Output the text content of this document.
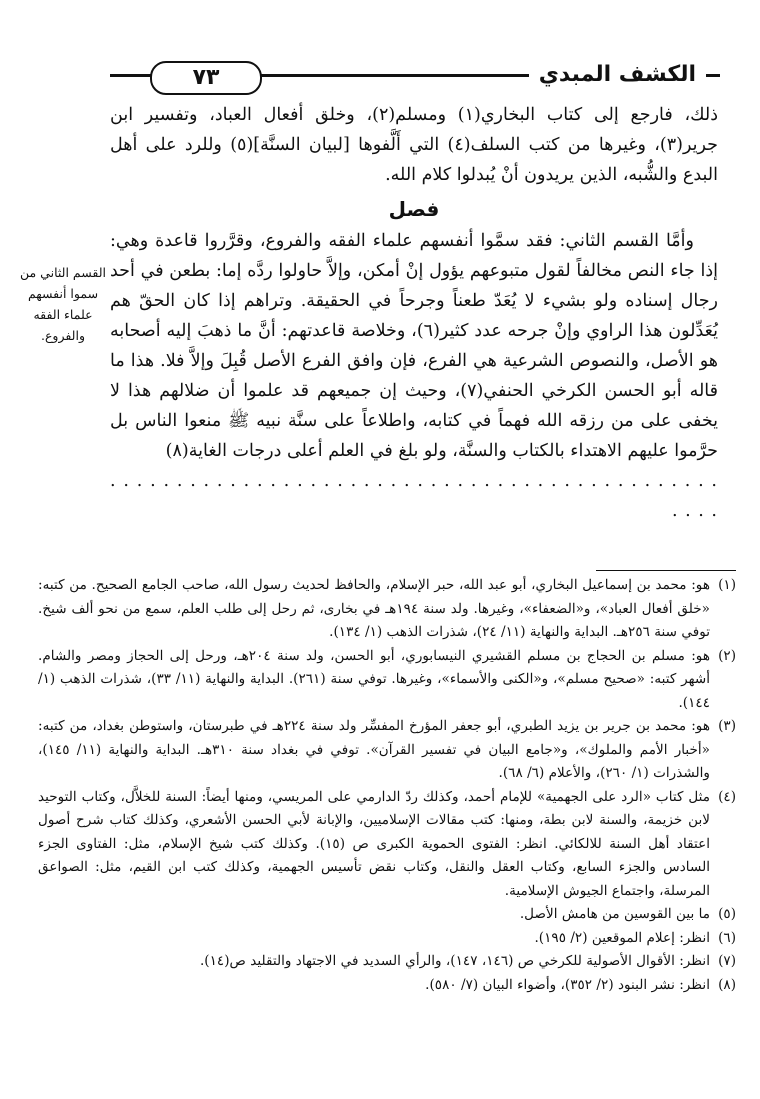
٧٣	الكشف المبدي

ذلك، فارجع إلى كتاب البخاري(١) ومسلم(٢)، وخلق أفعال العباد، وتفسير ابن جرير(٣)، وغيرها من كتب السلف(٤) التي أَلَّفوها [لبيان السنَّة](٥) وللرد على أهل البدع والشُّبه، الذين يريدون أنْ يُبدلوا كلام الله.

فصل

وأمَّا القسم الثاني: فقد سمَّوا أنفسهم علماء الفقه والفروع، وقرَّروا قاعدة وهي: إذا جاء النص مخالفاً لقول متبوعهم يؤول إنْ أمكن، وإلاَّ حاولوا ردَّه إما: بطعن في أحد رجال إسناده ولو بشيء لا يُعَدّ طعناً وجرحاً في الحقيقة. وتراهم إذا كان الحقّ هم يُعَدِّلون هذا الراوي وإنْ جرحه عدد كثير(٦)، وخلاصة قاعدتهم: أنَّ ما ذهبَ إليه أصحابه هو الأصل، والنصوص الشرعية هي الفرع، فإن وافق الفرع الأصل قُبِلَ وإلاَّ فلا. هذا ما قاله أبو الحسن الكرخي الحنفي(٧)، وحيث إن جميعهم قد علموا أن ضلالهم هذا لا يخفى على من رزقه الله فهماً في كتابه، واطلاعاً على سنَّة نبيه ﷺ منعوا الناس بل حرَّموا عليهم الاهتداء بالكتاب والسنَّة، ولو بلغ في العلم أعلى درجات الغاية(٨)

. . . . . . . . . . . . . . . . . . . . . . . . . . . . . . . . . . . . . . . . . . . . . . . . . .

القسم الثاني من سموا أنفسهم علماء الفقه والفروع.

(١)هو: محمد بن إسماعيل البخاري، أبو عبد الله، حبر الإسلام، والحافظ لحديث رسول الله، صاحب الجامع الصحيح. من كتبه: «خلق أفعال العباد»، و«الضعفاء»، وغيرها. ولد سنة ١٩٤هـ في بخارى، ثم رحل إلى طلب العلم، سمع من نحو ألف شيخ. توفي سنة ٢٥٦هـ. البداية والنهاية (١١/ ٢٤)، شذرات الذهب (١/ ١٣٤).

(٢)هو: مسلم بن الحجاج بن مسلم القشيري النيسابوري، أبو الحسن، ولد سنة ٢٠٤هـ، ورحل إلى الحجاز ومصر والشام. أشهر كتبه: «صحيح مسلم»، و«الكنى والأسماء»، وغيرها. توفي سنة (٢٦١). البداية والنهاية (١١/ ٣٣)، شذرات الذهب (١/ ١٤٤).

(٣)هو: محمد بن جرير بن يزيد الطبري، أبو جعفر المؤرخ المفسِّر ولد سنة ٢٢٤هـ في طبرستان، واستوطن بغداد، من كتبه: «أخبار الأمم والملوك»، و«جامع البيان في تفسير القرآن». توفي في بغداد سنة ٣١٠هـ. البداية والنهاية (١١/ ١٤٥)، والشذرات (١/ ٢٦٠)، والأعلام (٦/ ٦٨).

(٤)مثل كتاب «الرد على الجهمية» للإمام أحمد، وكذلك ردّ الدارمي على المريسي، ومنها أيضاً: السنة للخلاَّل، وكتاب التوحيد لابن خزيمة، والسنة لابن بطة، ومنها: كتب مقالات الإسلاميين، والإبانة لأبي الحسن الأشعري، وكذلك كتاب شرح أصول اعتقاد أهل السنة للالكائي. انظر: الفتوى الحموية الكبرى ص (١٥). وكذلك كتب شيخ الإسلام، مثل: الفتاوى الجزء السادس والجزء السابع، وكتاب العقل والنقل، وكتاب نقض تأسيس الجهمية، وكذلك كتب ابن القيم، مثل: الصواعق المرسلة، واجتماع الجيوش الإسلامية.

(٥)ما بين القوسين من هامش الأصل.

(٦)انظر: إعلام الموقعين (٢/ ١٩٥).

(٧)انظر: الأقوال الأصولية للكرخي ص (١٤٦، ١٤٧)، والرأي السديد في الاجتهاد والتقليد ص(١٤).

(٨)انظر: نشر البنود (٢/ ٣٥٢)، وأضواء البيان (٧/ ٥٨٠).
